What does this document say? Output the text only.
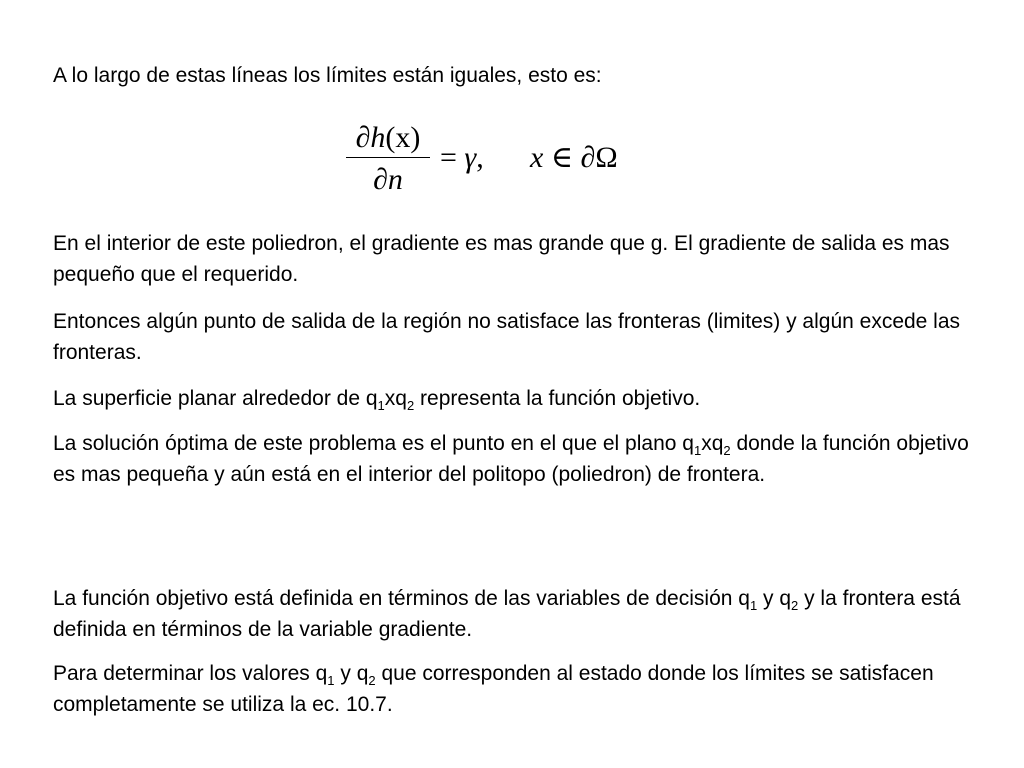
A lo largo de estas líneas los límites están iguales, esto es:

∂h(x)
∂n
= γ, x ∈ ∂Ω

En el interior de este poliedron, el gradiente es mas grande que g. El gradiente de salida es mas pequeño que el requerido.

Entonces algún punto de salida de la región no satisface las fronteras (limites) y algún excede las fronteras.

La superficie planar alrededor de $q_1xq_2$ representa la función objetivo.

La solución óptima de este problema es el punto en el que el plano $q_1xq_2$ donde la función objetivo es mas pequeña y aún está en el interior del politopo (poliedron) de frontera.

La función objetivo está definida en términos de las variables de decisión $q_1$ y $q_2$ y la frontera está definida en términos de la variable gradiente.

Para determinar los valores $q_1$ y $q_2$ que corresponden al estado donde los límites se satisfacen completamente se utiliza la ec. 10.7.
